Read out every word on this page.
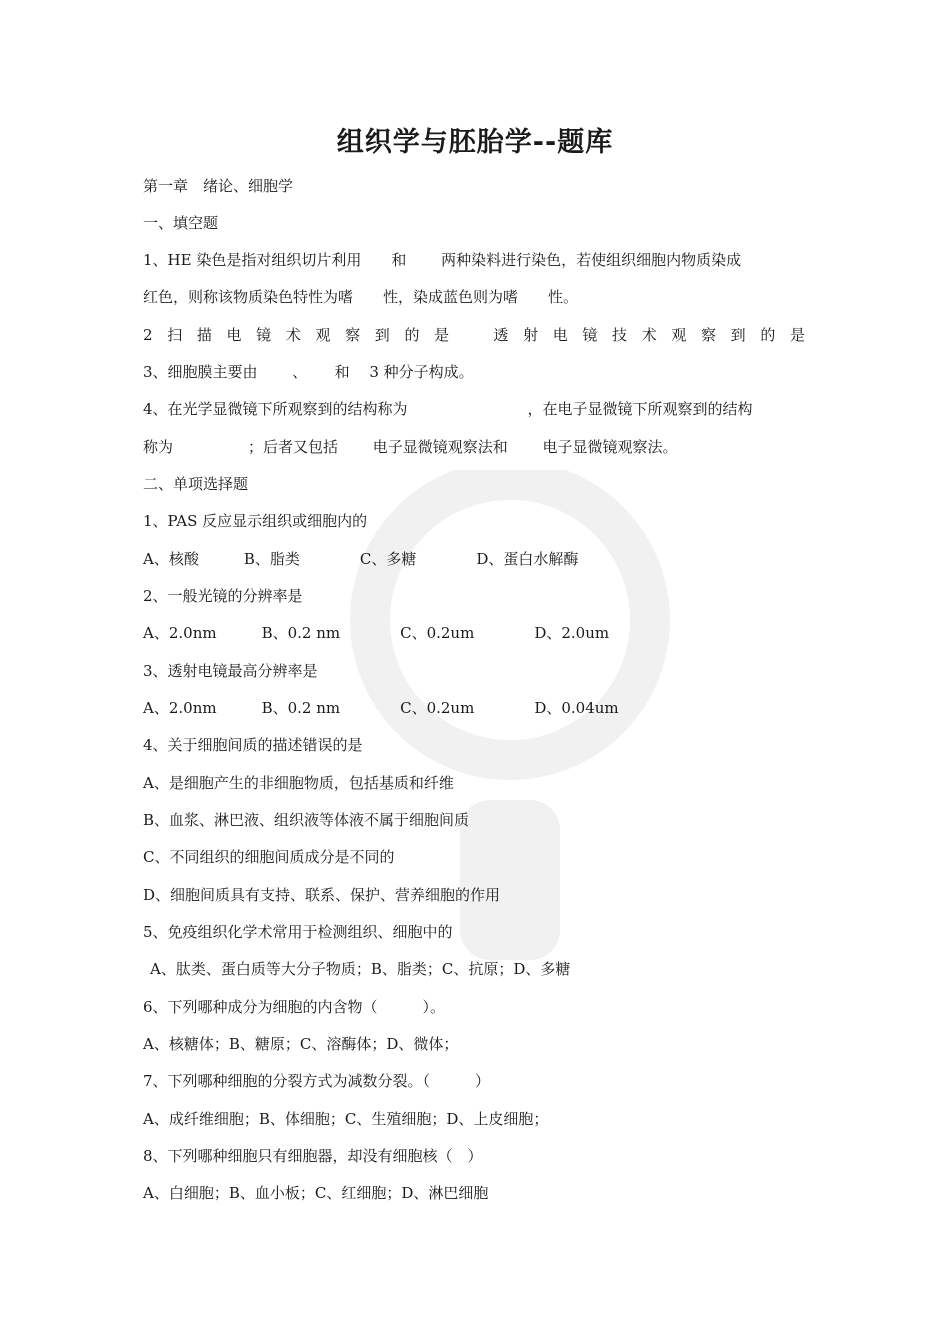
组织学与胚胎学--题库

第一章　绪论、细胞学

一、填空题

1、HE 染色是指对组织切片利用　　和　　 两种染料进行染色，若使组织细胞内物质染成

红色，则称该物质染色特性为嗜　　性，染成蓝色则为嗜　　性。

2扫描电镜术观察到的是　透射电镜技术观察到的是

3、细胞膜主要由　　 、　　 和　 3 种分子构成。

4、在光学显微镜下所观察到的结构称为　　　　　　　　，在电子显微镜下所观察到的结构

称为　　　　　；后者又包括　　 电子显微镜观察法和　　 电子显微镜观察法。

二、单项选择题

1、PAS 反应显示组织或细胞内的

A、核酸　　　B、脂类　　　　C、多糖　　　　D、蛋白水解酶

2、一般光镜的分辨率是

A、2.0nm　　　B、0.2 nm　　　　C、0.2um　　　　D、2.0um

3、透射电镜最高分辨率是

A、2.0nm　　　B、0.2 nm　　　　C、0.2um　　　　D、0.04um

4、关于细胞间质的描述错误的是

A、是细胞产生的非细胞物质，包括基质和纤维

B、血浆、淋巴液、组织液等体液不属于细胞间质

C、不同组织的细胞间质成分是不同的

D、细胞间质具有支持、联系、保护、营养细胞的作用

5、免疫组织化学术常用于检测组织、细胞中的

A、肽类、蛋白质等大分子物质；B、脂类；C、抗原；D、多糖

6、下列哪种成分为细胞的内含物（　　　）。

A、核糖体；B、糖原；C、溶酶体；D、微体；

7、下列哪种细胞的分裂方式为减数分裂。（　　　）

A、成纤维细胞；B、体细胞；C、生殖细胞；D、上皮细胞；

8、下列哪种细胞只有细胞器，却没有细胞核（　）

A、白细胞；B、血小板；C、红细胞；D、淋巴细胞
